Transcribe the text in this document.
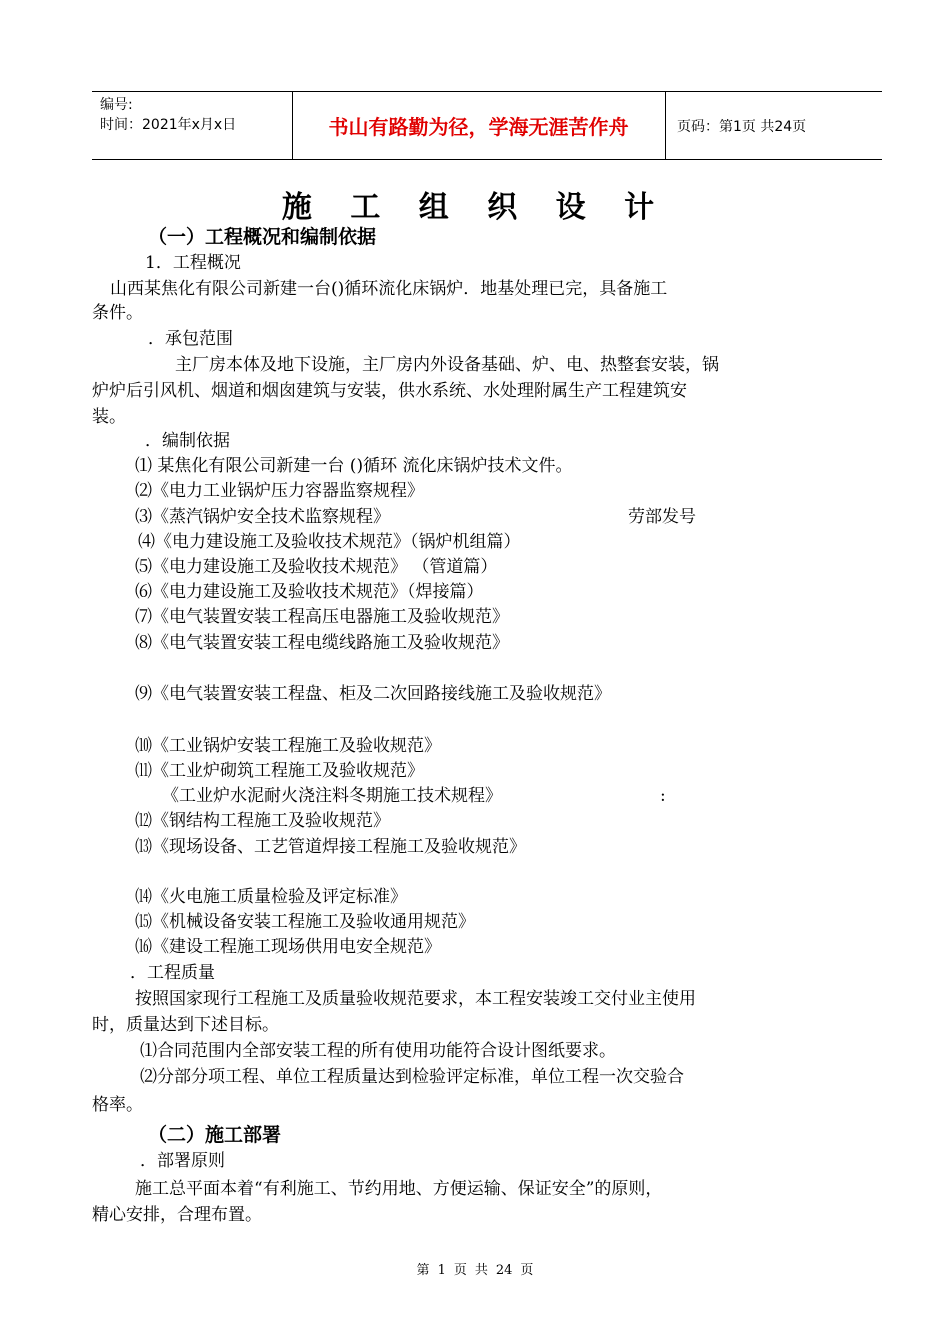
编号:
时间：2021年x月x日	书山有路勤为径，学海无涯苦作舟	页码：第1页 共24页
施 工 组 织 设 计
（一）工程概况和编制依据
1．工程概况
山西某焦化有限公司新建一台()循环流化床锅炉．地基处理已完，具备施工
条件。
．承包范围
主厂房本体及地下设施，主厂房内外设备基础、炉、电、热整套安装，锅
炉炉后引风机、烟道和烟囱建筑与安装，供水系统、水处理附属生产工程建筑安
装。
．编制依据
⑴ 某焦化有限公司新建一台 ()循环 流化床锅炉技术文件。
⑵《电力工业锅炉压力容器监察规程》
⑶《蒸汽锅炉安全技术监察规程》	劳部发号
⑷《电力建设施工及验收技术规范》（锅炉机组篇）
⑸《电力建设施工及验收技术规范》 （管道篇）
⑹《电力建设施工及验收技术规范》（焊接篇）
⑺《电气装置安装工程高压电器施工及验收规范》
⑻《电气装置安装工程电缆线路施工及验收规范》
⑼《电气装置安装工程盘、柜及二次回路接线施工及验收规范》
⑽《工业锅炉安装工程施工及验收规范》
⑾《工业炉砌筑工程施工及验收规范》
《工业炉水泥耐火浇注料冬期施工技术规程》	:
⑿《钢结构工程施工及验收规范》
⒀《现场设备、工艺管道焊接工程施工及验收规范》
⒁《火电施工质量检验及评定标准》
⒂《机械设备安装工程施工及验收通用规范》
⒃《建设工程施工现场供用电安全规范》
．工程质量
按照国家现行工程施工及质量验收规范要求，本工程安装竣工交付业主使用
时，质量达到下述目标。
⑴合同范围内全部安装工程的所有使用功能符合设计图纸要求。
⑵分部分项工程、单位工程质量达到检验评定标准，单位工程一次交验合
格率。
（二）施工部署
．部署原则
施工总平面本着“有利施工、节约用地、方便运输、保证安全”的原则，
精心安排，合理布置。
第 1 页 共 24 页
